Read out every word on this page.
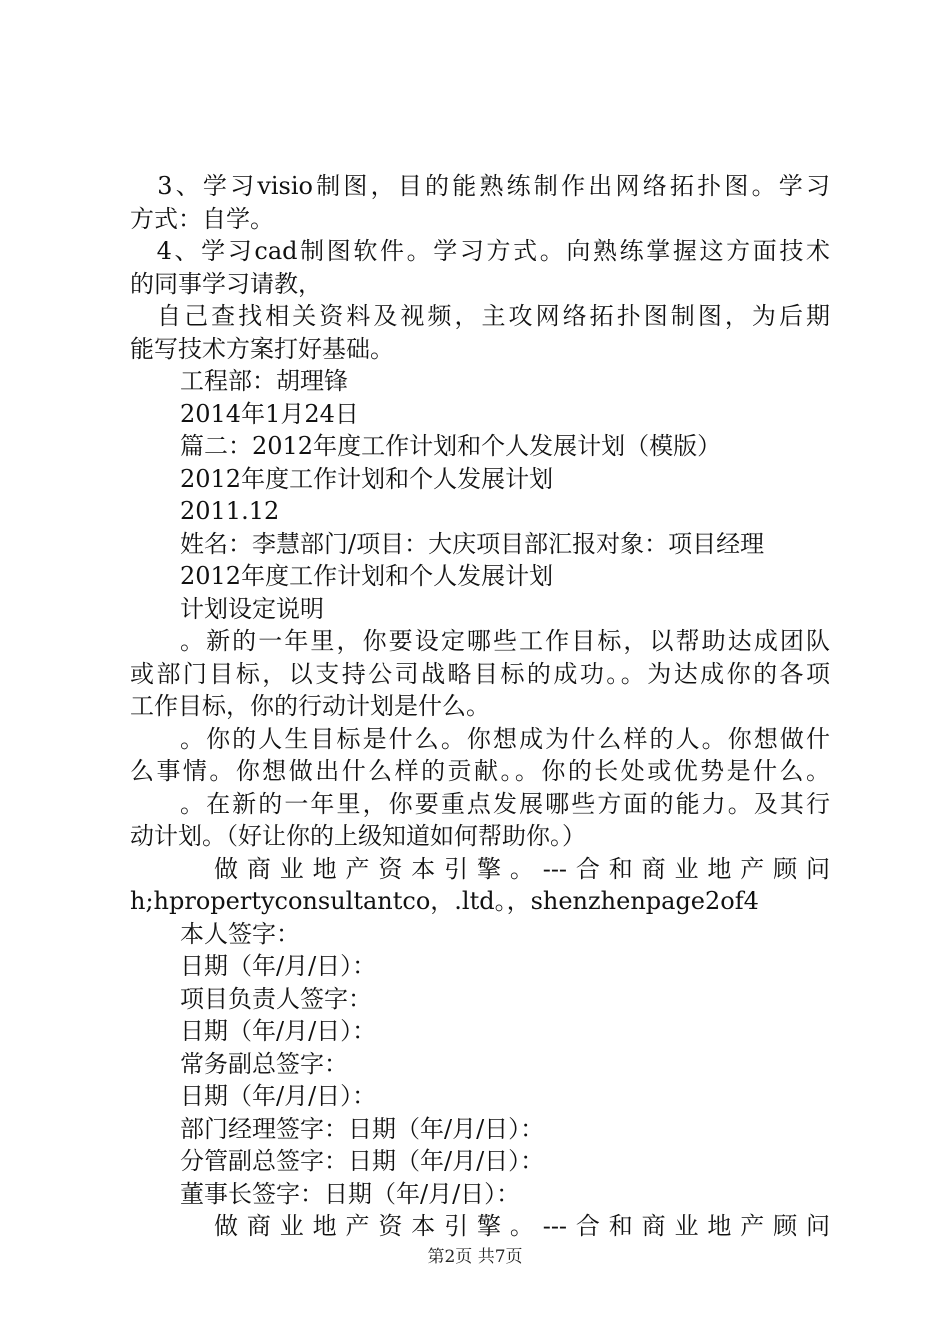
　3、学习visio制图，目的能熟练制作出网络拓扑图。学习

方式：自学。

　4、学习cad制图软件。学习方式。向熟练掌握这方面技术

的同事学习请教，

　自己查找相关资料及视频，主攻网络拓扑图制图，为后期

能写技术方案打好基础。

工程部：胡理锋

2014年1月24日

篇二：2012年度工作计划和个人发展计划（模版）

2012年度工作计划和个人发展计划

2011.12

姓名：李慧部门/项目：大庆项目部汇报对象：项目经理

2012年度工作计划和个人发展计划

计划设定说明

。新的一年里，你要设定哪些工作目标，以帮助达成团队

或部门目标，以支持公司战略目标的成功。。为达成你的各项

工作目标，你的行动计划是什么。

。你的人生目标是什么。你想成为什么样的人。你想做什

么事情。你想做出什么样的贡献。。你的长处或优势是什么。

。在新的一年里，你要重点发展哪些方面的能力。及其行

动计划。（好让你的上级知道如何帮助你。）

做商业地产资本引擎。---合和商业地产顾问

h;hpropertyconsultantco，.ltd。，shenzhenpage2of4

本人签字：

日期（年/月/日）：

项目负责人签字：

日期（年/月/日）：

常务副总签字：

日期（年/月/日）：

部门经理签字：日期（年/月/日）：

分管副总签字：日期（年/月/日）：

董事长签字：日期（年/月/日）：

做商业地产资本引擎。---合和商业地产顾问

第2页 共7页
